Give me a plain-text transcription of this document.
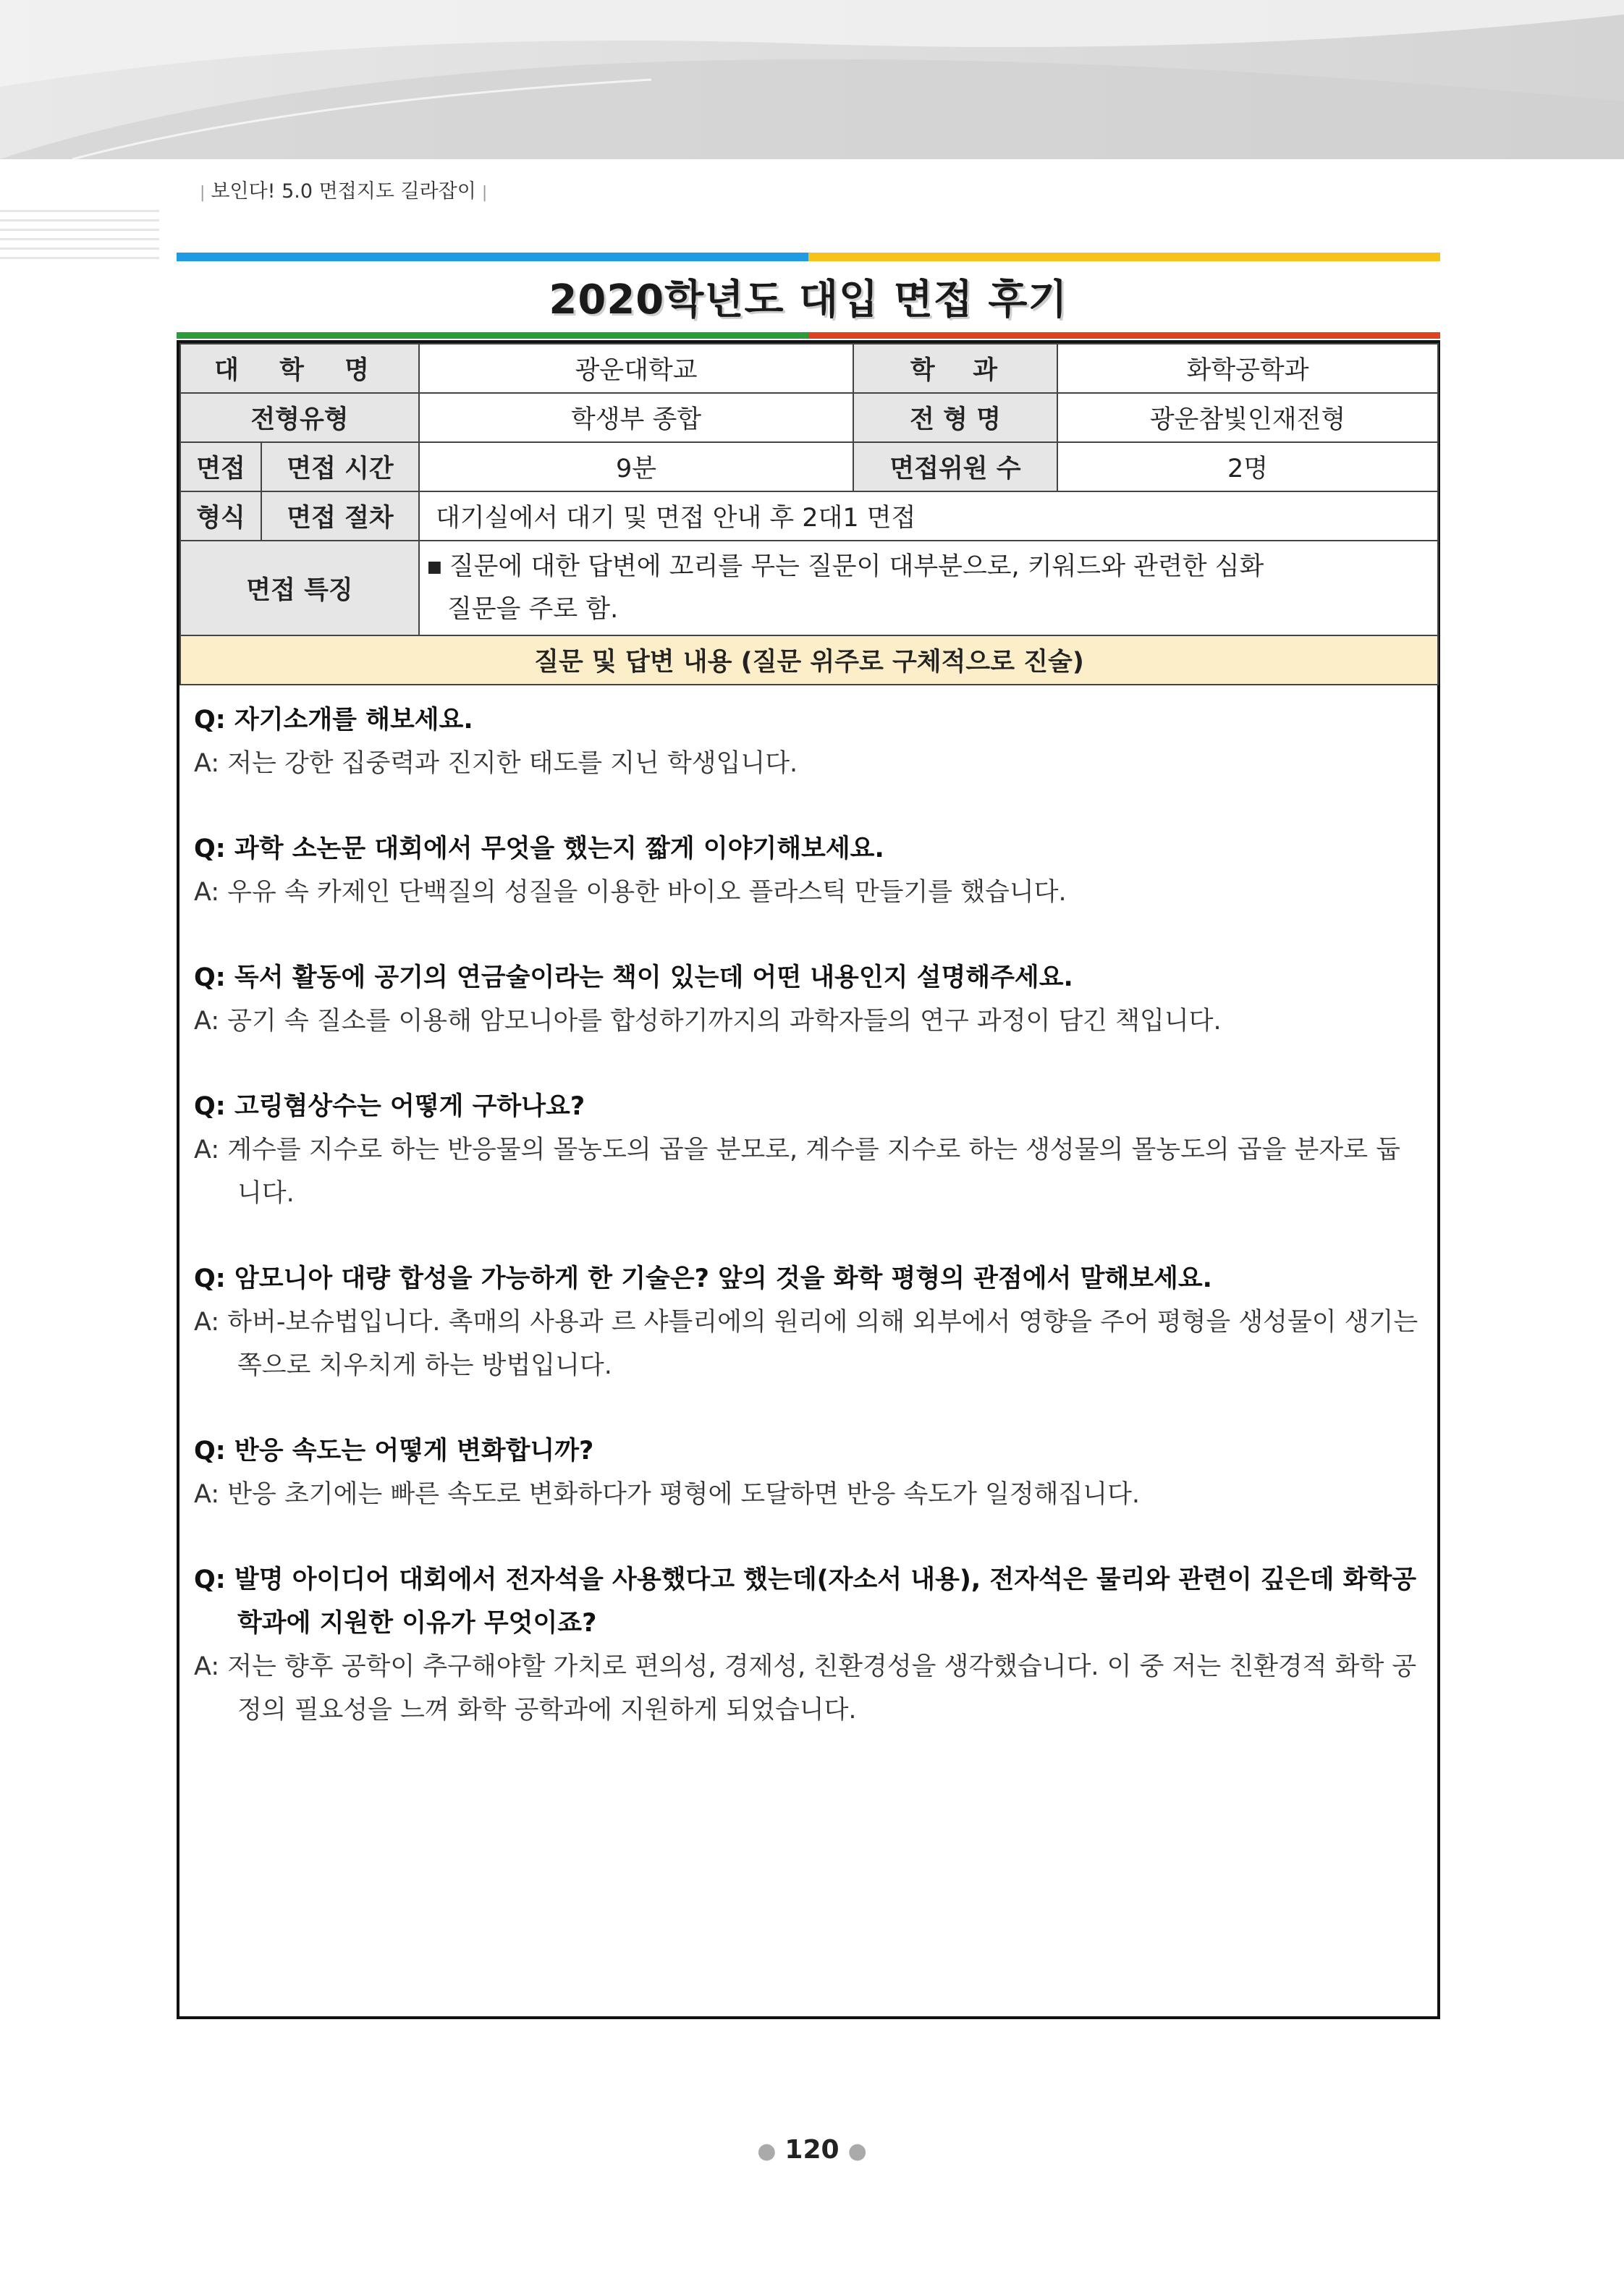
| 보인다! 5.0 면접지도 길라잡이 |
2020학년도 대입 면접 후기
대 학 명		광운대학교	학   과	화학공학과
전형유형		학생부 종합	전 형 명	광운참빛인재전형
면접	면접 시간	9분	면접위원 수	2명
형식	면접 절차	대기실에서 대기 및 면접 안내 후 2대1 면접		
면접 특징		■ 질문에 대한 답변에 꼬리를 무는 질문이 대부분으로, 키워드와 관련한 심화
질문을 주로 함.		

질문 및 답변 내용 (질문 위주로 구체적으로 진술)				
Q: 자기소개를 해보세요.
A: 저는 강한 집중력과 진지한 태도를 지닌 학생입니다.
Q: 과학 소논문 대회에서 무엇을 했는지 짧게 이야기해보세요.
A: 우유 속 카제인 단백질의 성질을 이용한 바이오 플라스틱 만들기를 했습니다.
Q: 독서 활동에 공기의 연금술이라는 책이 있는데 어떤 내용인지 설명해주세요.
A: 공기 속 질소를 이용해 암모니아를 합성하기까지의 과학자들의 연구 과정이 담긴 책입니다.
Q: 고링혐상수는 어떻게 구하나요?
A: 계수를 지수로 하는 반응물의 몰농도의 곱을 분모로, 계수를 지수로 하는 생성물의 몰농도의 곱을 분자로 둡니다.
Q: 암모니아 대량 합성을 가능하게 한 기술은? 앞의 것을 화학 평형의 관점에서 말해보세요.
A: 하버-보슈법입니다. 촉매의 사용과 르 샤틀리에의 원리에 의해 외부에서 영향을 주어 평형을 생성물이 생기는 쪽으로 치우치게 하는 방법입니다.
Q: 반응 속도는 어떻게 변화합니까?
A: 반응 초기에는 빠른 속도로 변화하다가 평형에 도달하면 반응 속도가 일정해집니다.
Q: 발명 아이디어 대회에서 전자석을 사용했다고 했는데(자소서 내용), 전자석은 물리와 관련이 깊은데 화학공학과에 지원한 이유가 무엇이죠?
A: 저는 향후 공학이 추구해야할 가치로 편의성, 경제성, 친환경성을 생각했습니다. 이 중 저는 친환경적 화학 공정의 필요성을 느껴 화학 공학과에 지원하게 되었습니다.
● 120 ●
